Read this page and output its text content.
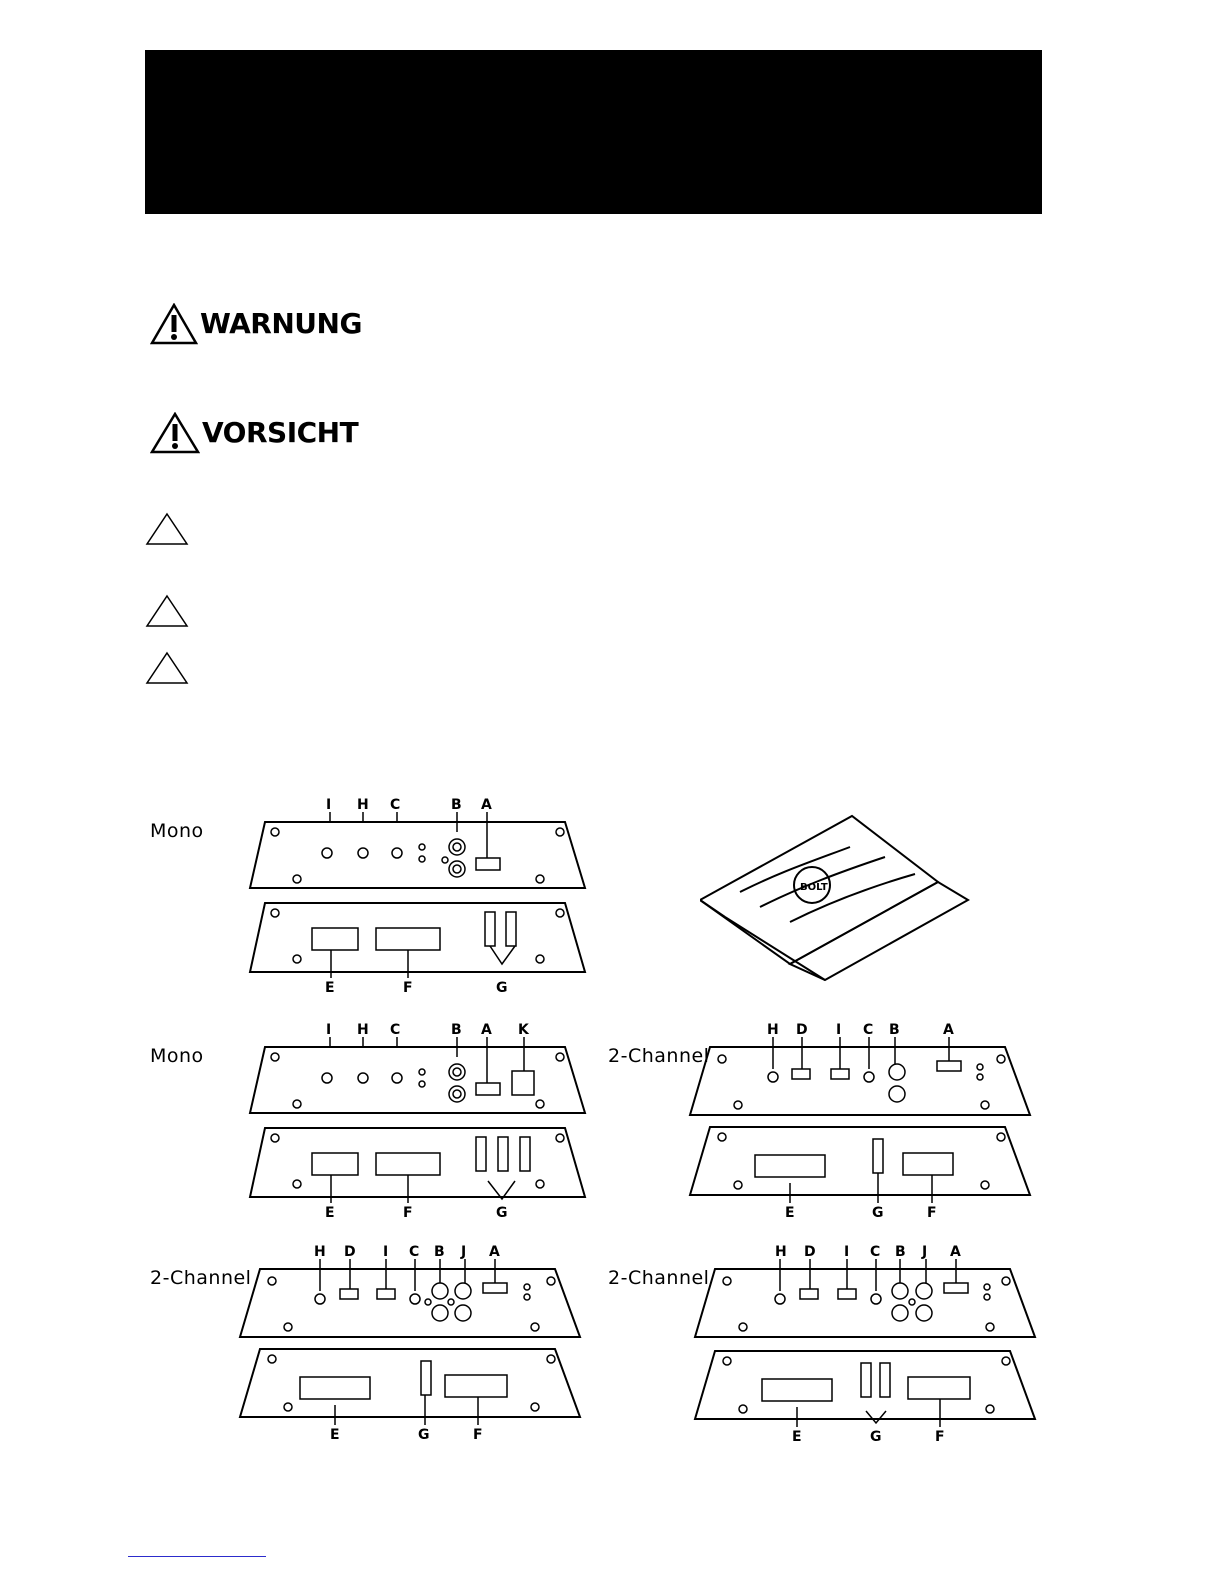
WARNUNG
VORSICHT
Mono
Mono	2-Channel
2-Channel	2-Channel
I H C	B A
E	F	G
BOLT
I H C	B A K
E	F	G
H D I C B	A
E	G	F
H D I C B J A
E	G	F
H D I C B J A
E	G	F
